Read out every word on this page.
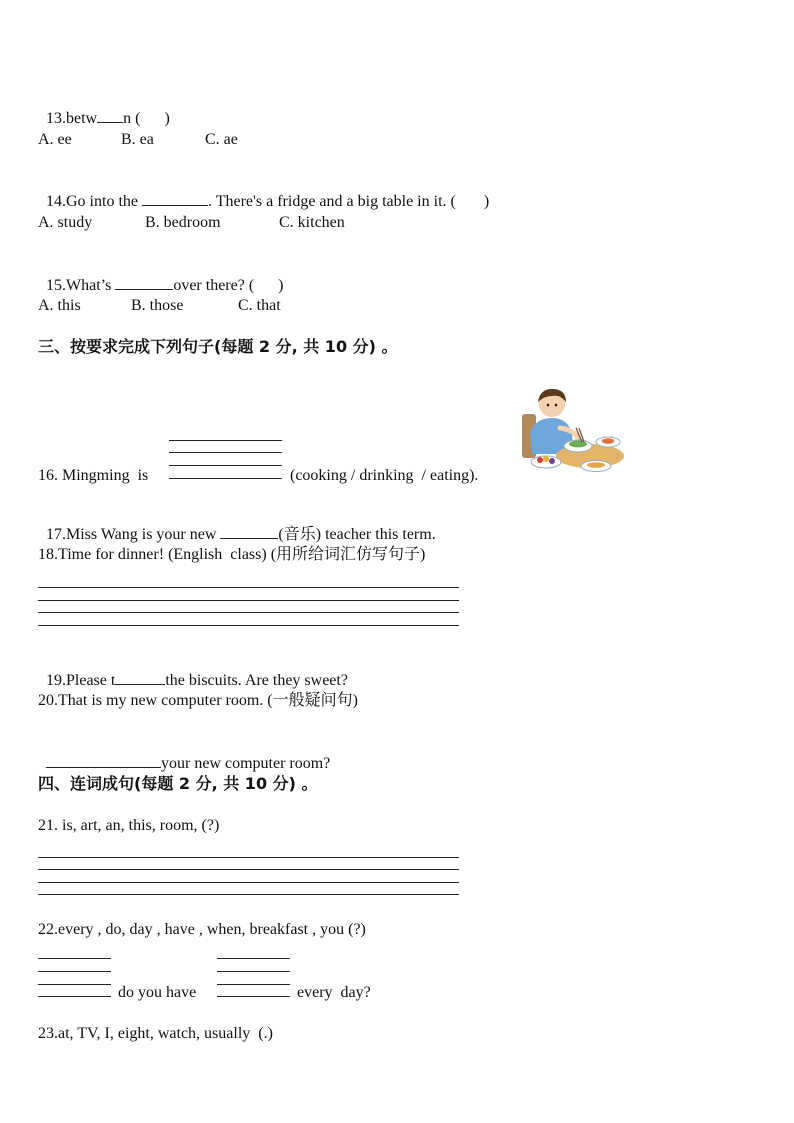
13.betw n (      )

A. ee	B. ea	C. ae

14.Go into the	. There's a fridge and a big table in it. (       )

A. study	B. bedroom	C. kitchen

15.What’s	over there? (      )

A. this	B. those	C. that
三、按要求完成下列句子(每题 2 分, 共 10 分) 。
16. Mingming  is	(cooking / drinking  / eating).

17.Miss Wang is your new	(音乐) teacher this term.

18.Time for dinner! (English  class) (用所给词汇仿写句子)

19.Please t	the biscuits. Are they sweet?

20.That is my new computer room. (一般疑问句)

your new computer room?

四、连词成句(每题 2 分, 共 10 分) 。
21. is, art, an, this, room, (?)
22.every , do, day , have , when, breakfast , you (?)
do you have	every  day?
23.at, TV, I, eight, watch, usually  (.)
